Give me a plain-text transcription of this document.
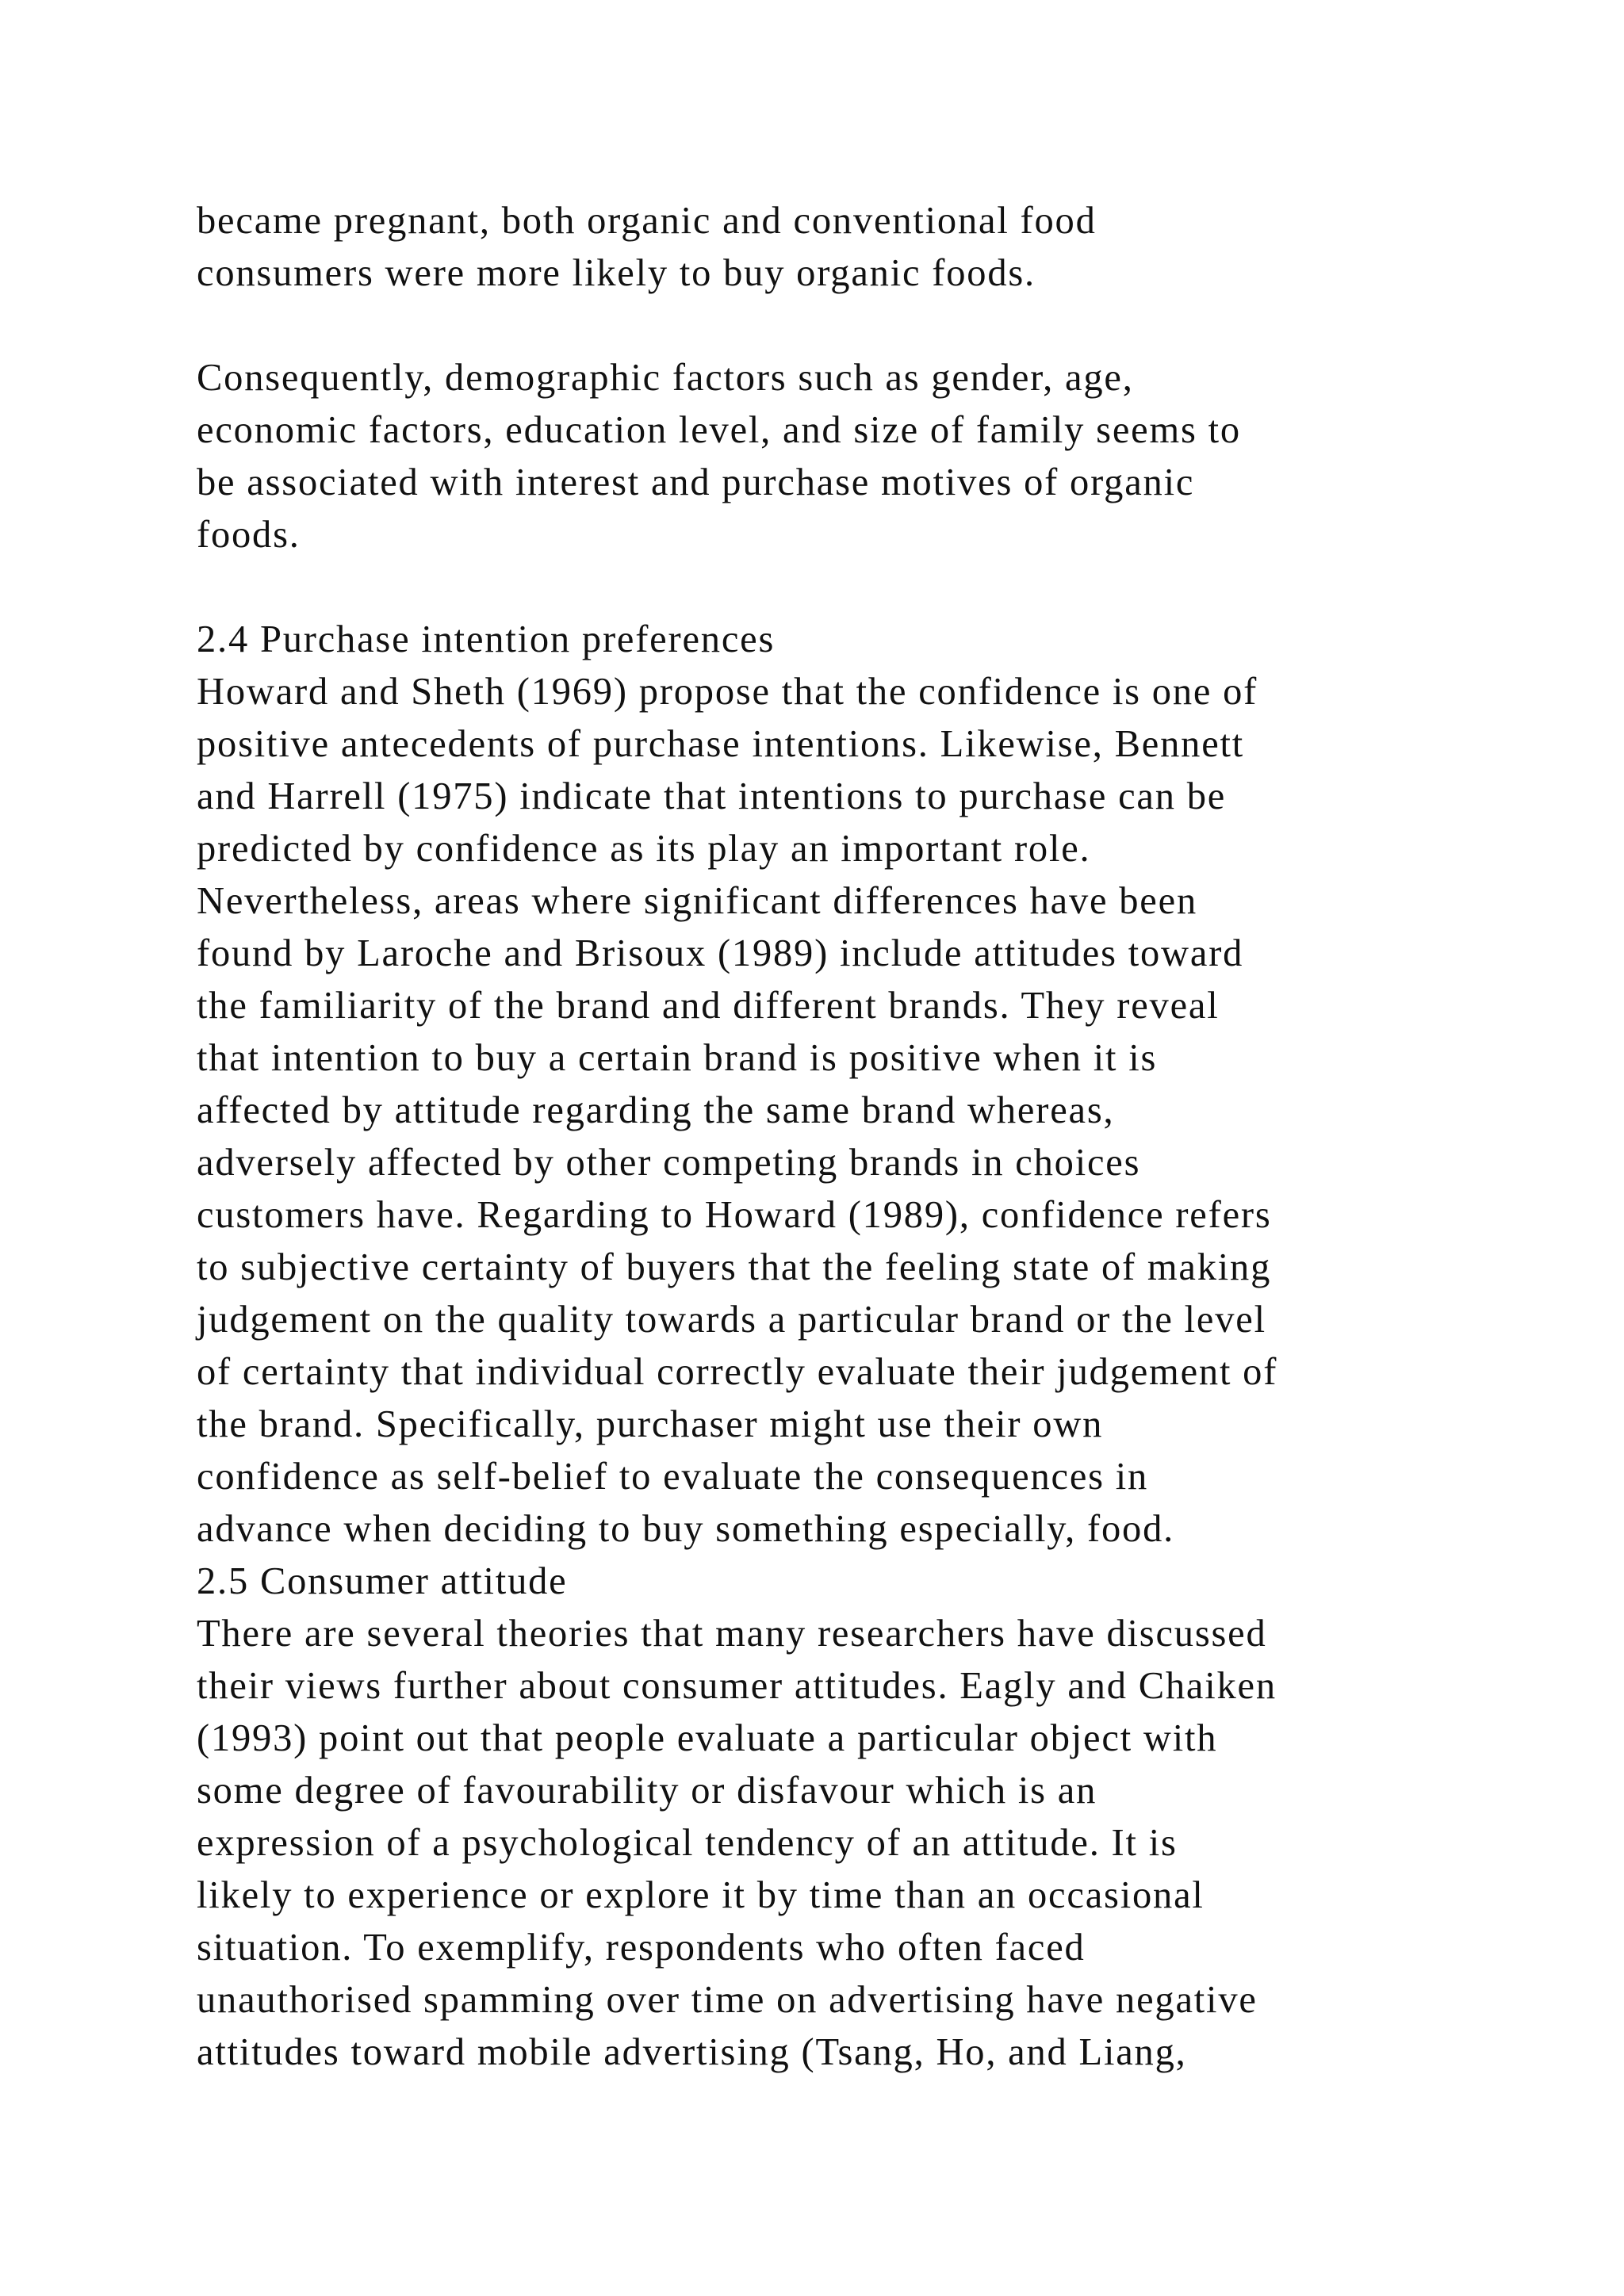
became pregnant, both organic and conventional food
consumers were more likely to buy organic foods.
Consequently, demographic factors such as gender, age,
economic factors, education level, and size of family seems to
be associated with interest and purchase motives of organic
foods.
2.4 Purchase intention preferences
Howard and Sheth (1969) propose that the confidence is one of
positive antecedents of purchase intentions. Likewise, Bennett
and Harrell (1975) indicate that intentions to purchase can be
predicted by confidence as its play an important role.
Nevertheless, areas where significant differences have been
found by Laroche and Brisoux (1989) include attitudes toward
the familiarity of the brand and different brands. They reveal
that intention to buy a certain brand is positive when it is
affected by attitude regarding the same brand whereas,
adversely affected by other competing brands in choices
customers have. Regarding to Howard (1989), confidence refers
to subjective certainty of buyers that the feeling state of making
judgement on the quality towards a particular brand or the level
of certainty that individual correctly evaluate their judgement of
the brand. Specifically, purchaser might use their own
confidence as self-belief to evaluate the consequences in
advance when deciding to buy something especially, food.
2.5 Consumer attitude
There are several theories that many researchers have discussed
their views further about consumer attitudes. Eagly and Chaiken
(1993) point out that people evaluate a particular object with
some degree of favourability or disfavour which is an
expression of a psychological tendency of an attitude. It is
likely to experience or explore it by time than an occasional
situation. To exemplify, respondents who often faced
unauthorised spamming over time on advertising have negative
attitudes toward mobile advertising (Tsang, Ho, and Liang,
